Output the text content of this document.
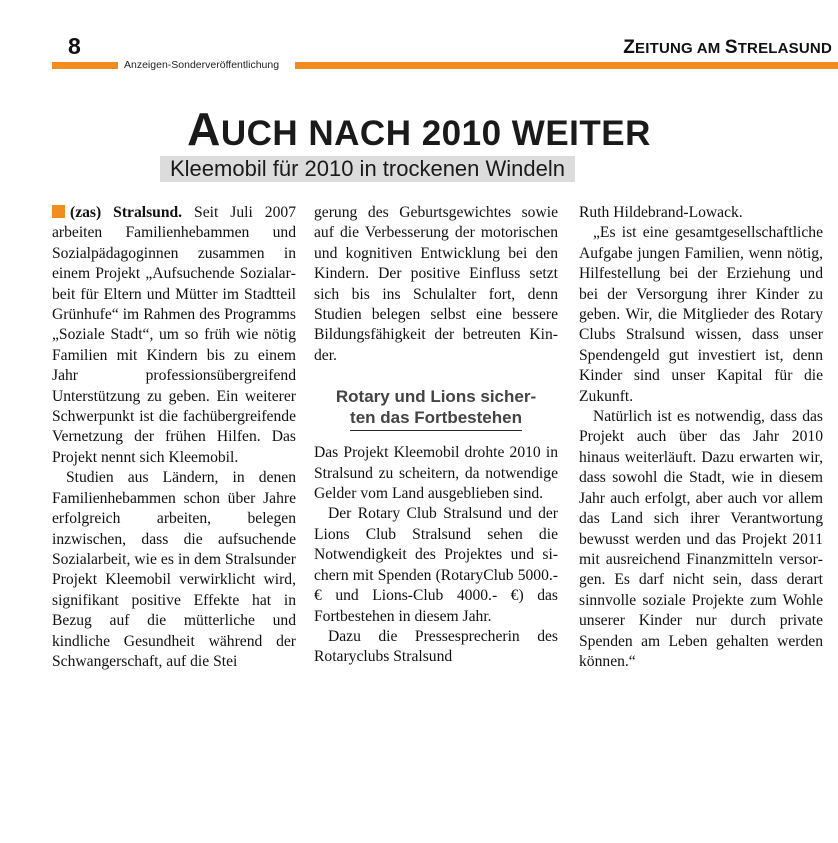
8	ZEITUNG AM STRELASUND
Anzeigen-Sonderveröffentlichung
AUCH NACH 2010 WEITER
Kleemobil für 2010 in trockenen Windeln

(zas) Stralsund. Seit Juli 2007 arbeiten Familienhebammen und Sozialpädagoginnen zusammen in einem Projekt „Aufsuchende Sozialarbeit für Eltern und Mütter im Stadtteil Grünhufe“ im Rahmen des Programms „Soziale Stadt“, um so früh wie nötig Familien mit Kindern bis zu einem Jahr professionsübergreifend Unterstützung zu geben. Ein weiterer Schwerpunkt ist die fachübergreifende Vernetzung der frühen Hilfen. Das Projekt nennt sich Kleemobil.

Studien aus Ländern, in denen Familienhebammen schon über Jahre erfolgreich arbeiten, belegen inzwischen, dass die aufsuchende Sozialarbeit, wie es in dem Stralsunder Projekt Kleemobil verwirklicht wird, signifikant positive Effekte hat in Bezug auf die mütterliche und kindliche Gesundheit während der Schwangerschaft, auf die Stei

gerung des Geburtsgewichtes sowie auf die Verbesserung der motorischen und kognitiven Entwicklung bei den Kindern. Der positive Einfluss setzt sich bis ins Schulalter fort, denn Studien belegen selbst eine bessere Bildungsfähigkeit der betreuten Kinder.

Rotary und Lions sicher-
ten das Fortbestehen

Das Projekt Kleemobil drohte 2010 in Stralsund zu scheitern, da notwendige Gelder vom Land ausgeblieben sind.

Der Rotary Club Stralsund und der Lions Club Stralsund sehen die Notwendigkeit des Projektes und sichern mit Spenden (RotaryClub 5000.- € und Lions-Club 4000.- €) das Fortbestehen in diesem Jahr.

Dazu die Pressesprecherin des Rotaryclubs Stralsund

Ruth Hildebrand-Lowack.

„Es ist eine gesamtgesellschaftliche Aufgabe jungen Familien, wenn nötig, Hilfestellung bei der Erziehung und bei der Versorgung ihrer Kinder zu geben. Wir, die Mitglieder des Rotary Clubs Stralsund wissen, dass unser Spendengeld gut investiert ist, denn Kinder sind unser Kapital für die Zukunft.

Natürlich ist es notwendig, dass das Projekt auch über das Jahr 2010 hinaus weiterläuft. Dazu erwarten wir, dass sowohl die Stadt, wie in diesem Jahr auch erfolgt, aber auch vor allem das Land sich ihrer Verantwortung bewusst werden und das Projekt 2011 mit ausreichend Finanzmitteln versorgen. Es darf nicht sein, dass derart sinnvolle soziale Projekte zum Wohle unserer Kinder nur durch private Spenden am Leben gehalten werden können.“
